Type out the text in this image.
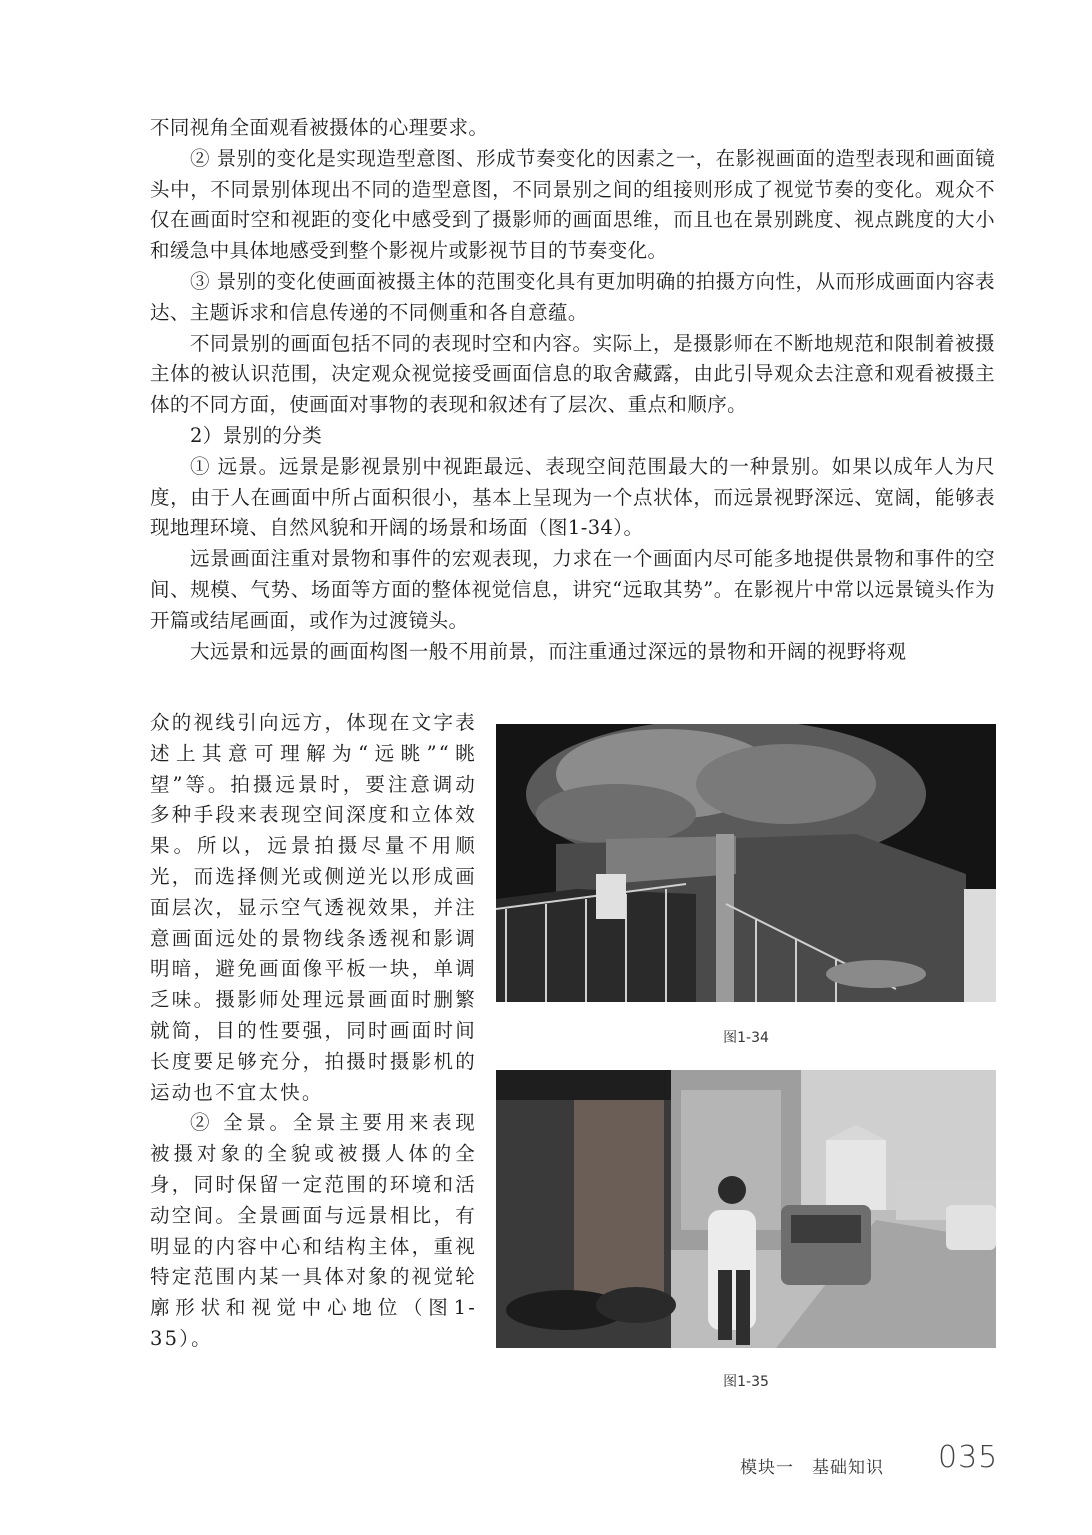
不同视角全面观看被摄体的心理要求。

② 景别的变化是实现造型意图、形成节奏变化的因素之一，在影视画面的造型表现和画面镜头中，不同景别体现出不同的造型意图，不同景别之间的组接则形成了视觉节奏的变化。观众不仅在画面时空和视距的变化中感受到了摄影师的画面思维，而且也在景别跳度、视点跳度的大小和缓急中具体地感受到整个影视片或影视节目的节奏变化。

③ 景别的变化使画面被摄主体的范围变化具有更加明确的拍摄方向性，从而形成画面内容表达、主题诉求和信息传递的不同侧重和各自意蕴。

不同景别的画面包括不同的表现时空和内容。实际上，是摄影师在不断地规范和限制着被摄主体的被认识范围，决定观众视觉接受画面信息的取舍藏露，由此引导观众去注意和观看被摄主体的不同方面，使画面对事物的表现和叙述有了层次、重点和顺序。

2）景别的分类

① 远景。远景是影视景别中视距最远、表现空间范围最大的一种景别。如果以成年人为尺度，由于人在画面中所占面积很小，基本上呈现为一个点状体，而远景视野深远、宽阔，能够表现地理环境、自然风貌和开阔的场景和场面（图1-34）。

远景画面注重对景物和事件的宏观表现，力求在一个画面内尽可能多地提供景物和事件的空间、规模、气势、场面等方面的整体视觉信息，讲究“远取其势”。在影视片中常以远景镜头作为开篇或结尾画面，或作为过渡镜头。

大远景和远景的画面构图一般不用前景，而注重通过深远的景物和开阔的视野将观

众的视线引向远方，体现在文字表述上其意可理解为“远眺”“眺望”等。拍摄远景时，要注意调动多种手段来表现空间深度和立体效果。所以，远景拍摄尽量不用顺光，而选择侧光或侧逆光以形成画面层次，显示空气透视效果，并注意画面远处的景物线条透视和影调明暗，避免画面像平板一块，单调乏味。摄影师处理远景画面时删繁就简，目的性要强，同时画面时间长度要足够充分，拍摄时摄影机的运动也不宜太快。

② 全景。全景主要用来表现被摄对象的全貌或被摄人体的全身，同时保留一定范围的环境和活动空间。全景画面与远景相比，有明显的内容中心和结构主体，重视特定范围内某一具体对象的视觉轮廓形状和视觉中心地位（图1-35）。

图1-34
图1-35
模块一　基础知识 035
